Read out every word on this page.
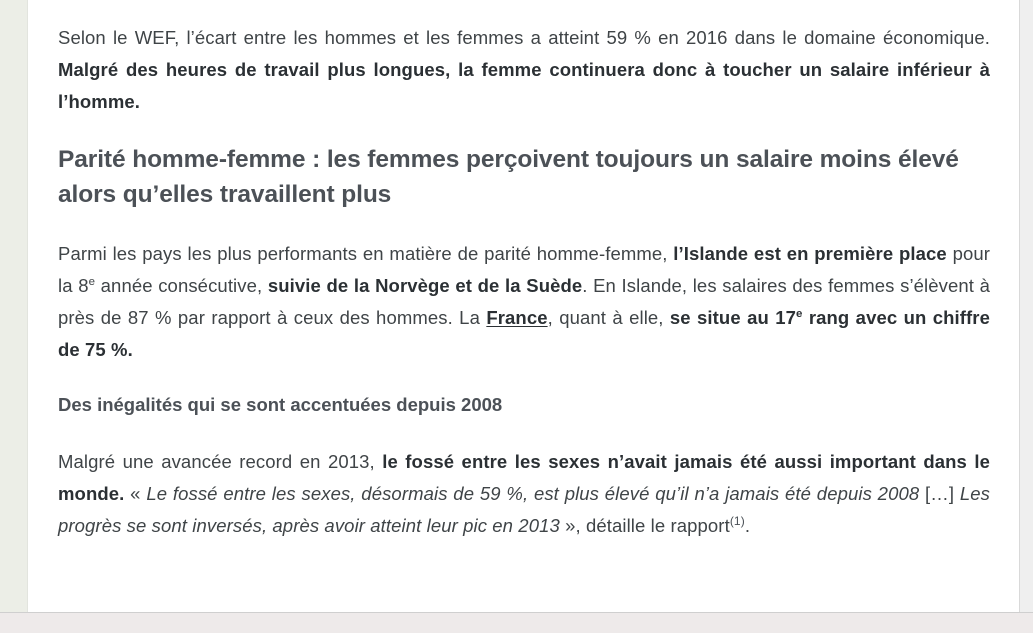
Selon le WEF, l’écart entre les hommes et les femmes a atteint 59 % en 2016 dans le domaine économique. Malgré des heures de travail plus longues, la femme continuera donc à toucher un salaire inférieur à l’homme.

Parité homme-femme : les femmes perçoivent toujours un salaire moins élevé alors qu’elles travaillent plus

Parmi les pays les plus performants en matière de parité homme-femme, l’Islande est en première place pour la 8e année consécutive, suivie de la Norvège et de la Suède. En Islande, les salaires des femmes s’élèvent à près de 87 % par rapport à ceux des hommes. La France, quant à elle, se situe au 17e rang avec un chiffre de 75 %.

Des inégalités qui se sont accentuées depuis 2008

Malgré une avancée record en 2013, le fossé entre les sexes n’avait jamais été aussi important dans le monde. « Le fossé entre les sexes, désormais de 59 %, est plus élevé qu’il n’a jamais été depuis 2008 […] Les progrès se sont inversés, après avoir atteint leur pic en 2013 », détaille le rapport$^{(1)}$.
